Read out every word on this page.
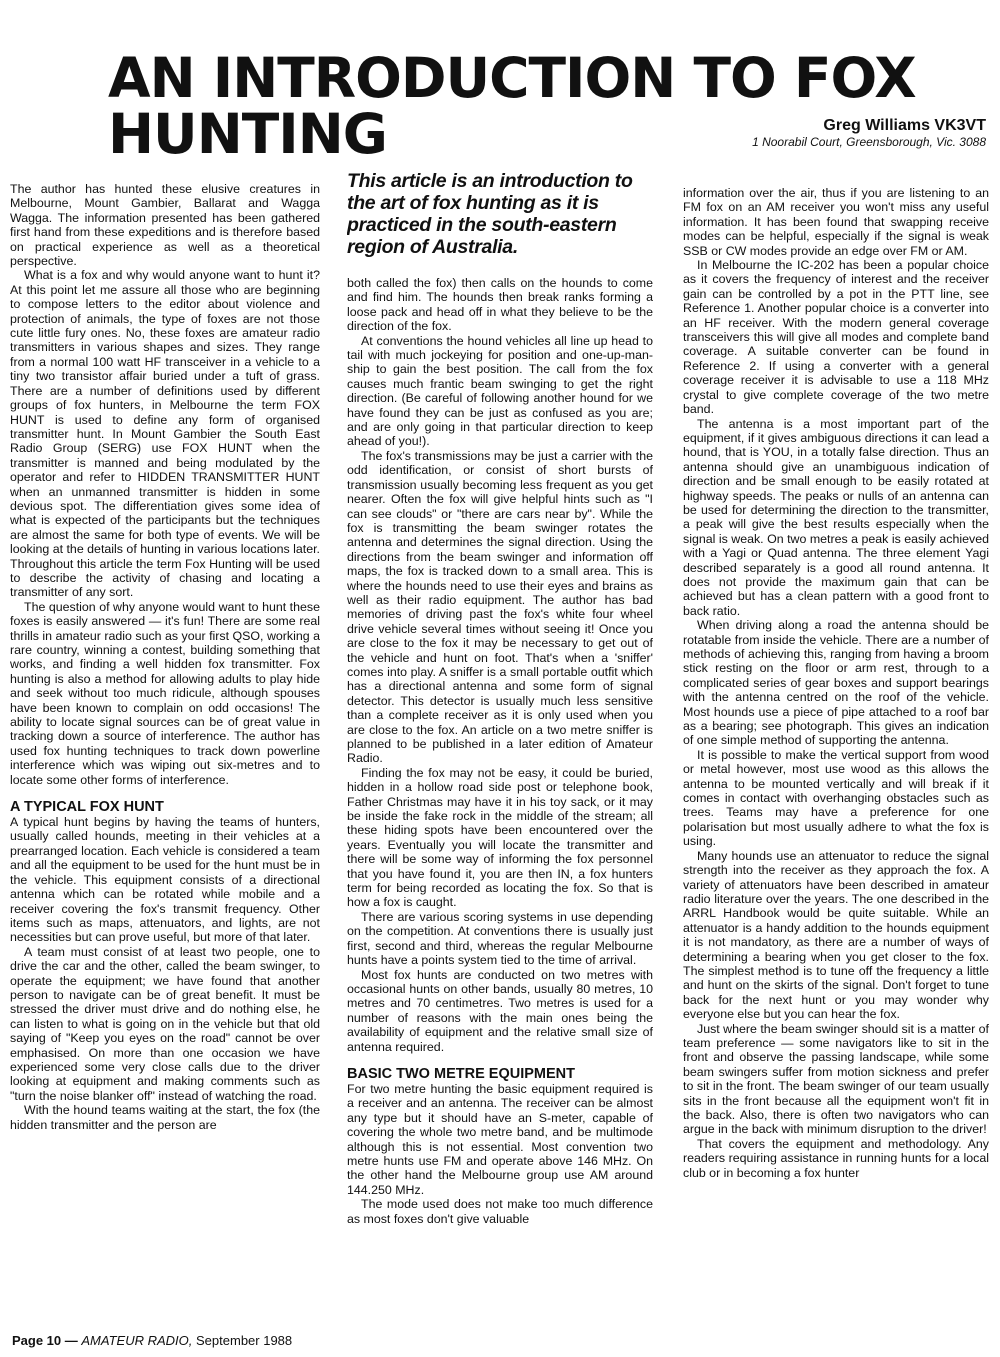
AN INTRODUCTION TO FOX HUNTING	Greg Williams VK3VT
1 Noorabil Court, Greensborough, Vic. 3088

The author has hunted these elusive creatures in Melbourne, Mount Gambier, Ballarat and Wagga Wagga. The information presented has been gathered first hand from these expeditions and is therefore based on practical experience as well as a theoretical perspective.

What is a fox and why would anyone want to hunt it? At this point let me assure all those who are beginning to compose letters to the editor about violence and protection of animals, the type of foxes are not those cute little fury ones. No, these foxes are amateur radio transmitters in various shapes and sizes. They range from a normal 100 watt HF transceiver in a vehicle to a tiny two transistor affair buried under a tuft of grass. There are a number of definitions used by different groups of fox hunters, in Melbourne the term FOX HUNT is used to define any form of organised transmitter hunt. In Mount Gambier the South East Radio Group (SERG) use FOX HUNT when the transmitter is manned and being modulated by the operator and refer to HIDDEN TRANSMITTER HUNT when an unmanned transmitter is hidden in some devious spot. The differentiation gives some idea of what is expected of the participants but the techniques are almost the same for both type of events. We will be looking at the details of hunting in various locations later. Throughout this article the term Fox Hunting will be used to describe the activity of chasing and locating a transmitter of any sort.

The question of why anyone would want to hunt these foxes is easily answered — it's fun! There are some real thrills in amateur radio such as your first QSO, working a rare country, winning a contest, building something that works, and finding a well hidden fox transmitter. Fox hunting is also a method for allowing adults to play hide and seek without too much ridicule, although spouses have been known to complain on odd occasions! The ability to locate signal sources can be of great value in tracking down a source of interference. The author has used fox hunting techniques to track down powerline interference which was wiping out six-metres and to locate some other forms of interference.

A TYPICAL FOX HUNT

A typical hunt begins by having the teams of hunters, usually called hounds, meeting in their vehicles at a prearranged location. Each vehicle is considered a team and all the equipment to be used for the hunt must be in the vehicle. This equipment consists of a directional antenna which can be rotated while mobile and a receiver covering the fox's transmit frequency. Other items such as maps, attenuators, and lights, are not necessities but can prove useful, but more of that later.

A team must consist of at least two people, one to drive the car and the other, called the beam swinger, to operate the equipment; we have found that another person to navigate can be of great benefit. It must be stressed the driver must drive and do nothing else, he can listen to what is going on in the vehicle but that old saying of "Keep you eyes on the road" cannot be over emphasised. On more than one occasion we have experienced some very close calls due to the driver looking at equipment and making comments such as "turn the noise blanker off" instead of watching the road.

With the hound teams waiting at the start, the fox (the hidden transmitter and the person are

This article is an introduction to the art of fox hunting as it is practiced in the south-eastern region of Australia.

both called the fox) then calls on the hounds to come and find him. The hounds then break ranks forming a loose pack and head off in what they believe to be the direction of the fox.

At conventions the hound vehicles all line up head to tail with much jockeying for position and one-up-man-ship to gain the best position. The call from the fox causes much frantic beam swinging to get the right direction. (Be careful of following another hound for we have found they can be just as confused as you are; and are only going in that particular direction to keep ahead of you!).

The fox's transmissions may be just a carrier with the odd identification, or consist of short bursts of transmission usually becoming less frequent as you get nearer. Often the fox will give helpful hints such as "I can see clouds" or "there are cars near by". While the fox is transmitting the beam swinger rotates the antenna and determines the signal direction. Using the directions from the beam swinger and information off maps, the fox is tracked down to a small area. This is where the hounds need to use their eyes and brains as well as their radio equipment. The author has bad memories of driving past the fox's white four wheel drive vehicle several times without seeing it! Once you are close to the fox it may be necessary to get out of the vehicle and hunt on foot. That's when a 'sniffer' comes into play. A sniffer is a small portable outfit which has a directional antenna and some form of signal detector. This detector is usually much less sensitive than a complete receiver as it is only used when you are close to the fox. An article on a two metre sniffer is planned to be published in a later edition of Amateur Radio.

Finding the fox may not be easy, it could be buried, hidden in a hollow road side post or telephone book, Father Christmas may have it in his toy sack, or it may be inside the fake rock in the middle of the stream; all these hiding spots have been encountered over the years. Eventually you will locate the transmitter and there will be some way of informing the fox personnel that you have found it, you are then IN, a fox hunters term for being recorded as locating the fox. So that is how a fox is caught.

There are various scoring systems in use depending on the competition. At conventions there is usually just first, second and third, whereas the regular Melbourne hunts have a points system tied to the time of arrival.

Most fox hunts are conducted on two metres with occasional hunts on other bands, usually 80 metres, 10 metres and 70 centimetres. Two metres is used for a number of reasons with the main ones being the availability of equipment and the relative small size of antenna required.

BASIC TWO METRE EQUIPMENT

For two metre hunting the basic equipment required is a receiver and an antenna. The receiver can be almost any type but it should have an S-meter, capable of covering the whole two metre band, and be multimode although this is not essential. Most convention two metre hunts use FM and operate above 146 MHz. On the other hand the Melbourne group use AM around 144.250 MHz.

The mode used does not make too much difference as most foxes don't give valuable

information over the air, thus if you are listening to an FM fox on an AM receiver you won't miss any useful information. It has been found that swapping receive modes can be helpful, especially if the signal is weak SSB or CW modes provide an edge over FM or AM.

In Melbourne the IC-202 has been a popular choice as it covers the frequency of interest and the receiver gain can be controlled by a pot in the PTT line, see Reference 1. Another popular choice is a converter into an HF receiver. With the modern general coverage transceivers this will give all modes and complete band coverage. A suitable converter can be found in Reference 2. If using a converter with a general coverage receiver it is advisable to use a 118 MHz crystal to give complete coverage of the two metre band.

The antenna is a most important part of the equipment, if it gives ambiguous directions it can lead a hound, that is YOU, in a totally false direction. Thus an antenna should give an unambiguous indication of direction and be small enough to be easily rotated at highway speeds. The peaks or nulls of an antenna can be used for determining the direction to the transmitter, a peak will give the best results especially when the signal is weak. On two metres a peak is easily achieved with a Yagi or Quad antenna. The three element Yagi described separately is a good all round antenna. It does not provide the maximum gain that can be achieved but has a clean pattern with a good front to back ratio.

When driving along a road the antenna should be rotatable from inside the vehicle. There are a number of methods of achieving this, ranging from having a broom stick resting on the floor or arm rest, through to a complicated series of gear boxes and support bearings with the antenna centred on the roof of the vehicle. Most hounds use a piece of pipe attached to a roof bar as a bearing; see photograph. This gives an indication of one simple method of supporting the antenna.

It is possible to make the vertical support from wood or metal however, most use wood as this allows the antenna to be mounted vertically and will break if it comes in contact with overhanging obstacles such as trees. Teams may have a preference for one polarisation but most usually adhere to what the fox is using.

Many hounds use an attenuator to reduce the signal strength into the receiver as they approach the fox. A variety of attenuators have been described in amateur radio literature over the years. The one described in the ARRL Handbook would be quite suitable. While an attenuator is a handy addition to the hounds equipment it is not mandatory, as there are a number of ways of determining a bearing when you get closer to the fox. The simplest method is to tune off the frequency a little and hunt on the skirts of the signal. Don't forget to tune back for the next hunt or you may wonder why everyone else but you can hear the fox.

Just where the beam swinger should sit is a matter of team preference — some navigators like to sit in the front and observe the passing landscape, while some beam swingers suffer from motion sickness and prefer to sit in the front. The beam swinger of our team usually sits in the front because all the equipment won't fit in the back. Also, there is often two navigators who can argue in the back with minimum disruption to the driver!

That covers the equipment and methodology. Any readers requiring assistance in running hunts for a local club or in becoming a fox hunter

Page 10 — AMATEUR RADIO, September 1988
